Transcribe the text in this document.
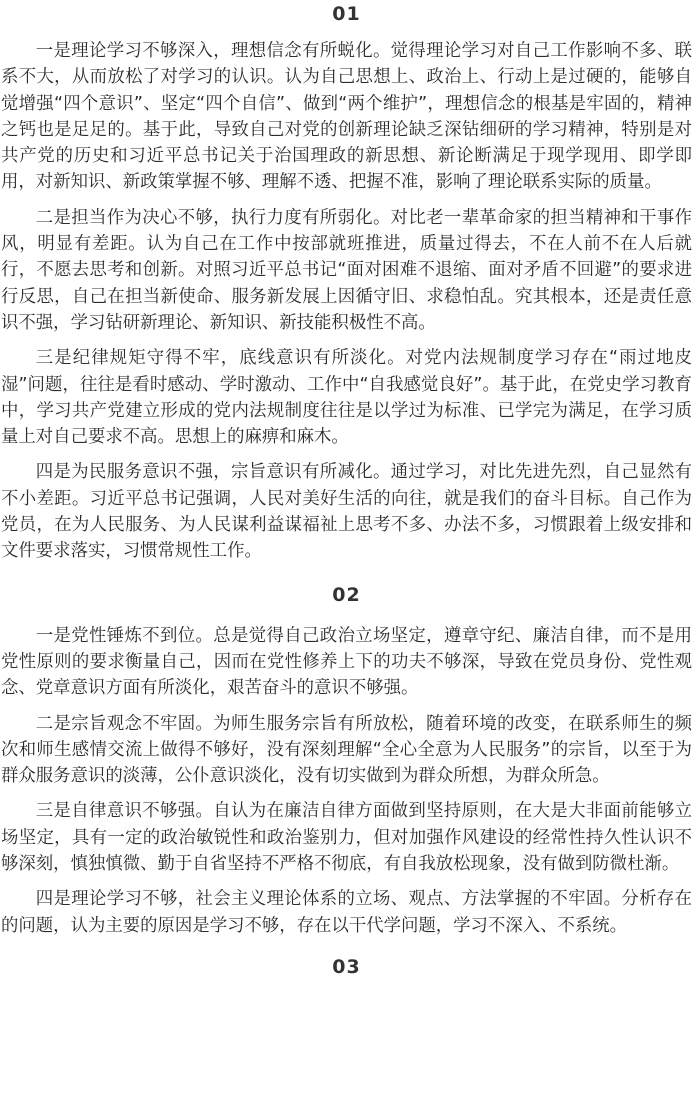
01

一是理论学习不够深入，理想信念有所蜕化。觉得理论学习对自己工作影响不多、联系不大，从而放松了对学习的认识。认为自己思想上、政治上、行动上是过硬的，能够自觉增强“四个意识”、坚定“四个自信”、做到“两个维护”，理想信念的根基是牢固的，精神之钙也是足足的。基于此，导致自己对党的创新理论缺乏深钻细研的学习精神，特别是对共产党的历史和习近平总书记关于治国理政的新思想、新论断满足于现学现用、即学即用，对新知识、新政策掌握不够、理解不透、把握不准，影响了理论联系实际的质量。

二是担当作为决心不够，执行力度有所弱化。对比老一辈革命家的担当精神和干事作风，明显有差距。认为自己在工作中按部就班推进，质量过得去，不在人前不在人后就行，不愿去思考和创新。对照习近平总书记“面对困难不退缩、面对矛盾不回避”的要求进行反思，自己在担当新使命、服务新发展上因循守旧、求稳怕乱。究其根本，还是责任意识不强，学习钻研新理论、新知识、新技能积极性不高。

三是纪律规矩守得不牢，底线意识有所淡化。对党内法规制度学习存在“雨过地皮湿”问题，往往是看时感动、学时激动、工作中“自我感觉良好”。基于此，在党史学习教育中，学习共产党建立形成的党内法规制度往往是以学过为标准、已学完为满足，在学习质量上对自己要求不高。思想上的麻痹和麻木。

四是为民服务意识不强，宗旨意识有所减化。通过学习，对比先进先烈，自己显然有不小差距。习近平总书记强调，人民对美好生活的向往，就是我们的奋斗目标。自己作为党员，在为人民服务、为人民谋利益谋福祉上思考不多、办法不多，习惯跟着上级安排和文件要求落实，习惯常规性工作。

02

一是党性锤炼不到位。总是觉得自己政治立场坚定，遵章守纪、廉洁自律，而不是用党性原则的要求衡量自己，因而在党性修养上下的功夫不够深，导致在党员身份、党性观念、党章意识方面有所淡化，艰苦奋斗的意识不够强。

二是宗旨观念不牢固。为师生服务宗旨有所放松，随着环境的改变，在联系师生的频次和师生感情交流上做得不够好，没有深刻理解“全心全意为人民服务”的宗旨，以至于为群众服务意识的淡薄，公仆意识淡化，没有切实做到为群众所想，为群众所急。

三是自律意识不够强。自认为在廉洁自律方面做到坚持原则，在大是大非面前能够立场坚定，具有一定的政治敏锐性和政治鉴别力，但对加强作风建设的经常性持久性认识不够深刻，慎独慎微、勤于自省坚持不严格不彻底，有自我放松现象，没有做到防微杜渐。

四是理论学习不够，社会主义理论体系的立场、观点、方法掌握的不牢固。分析存在的问题，认为主要的原因是学习不够，存在以干代学问题，学习不深入、不系统。

03
